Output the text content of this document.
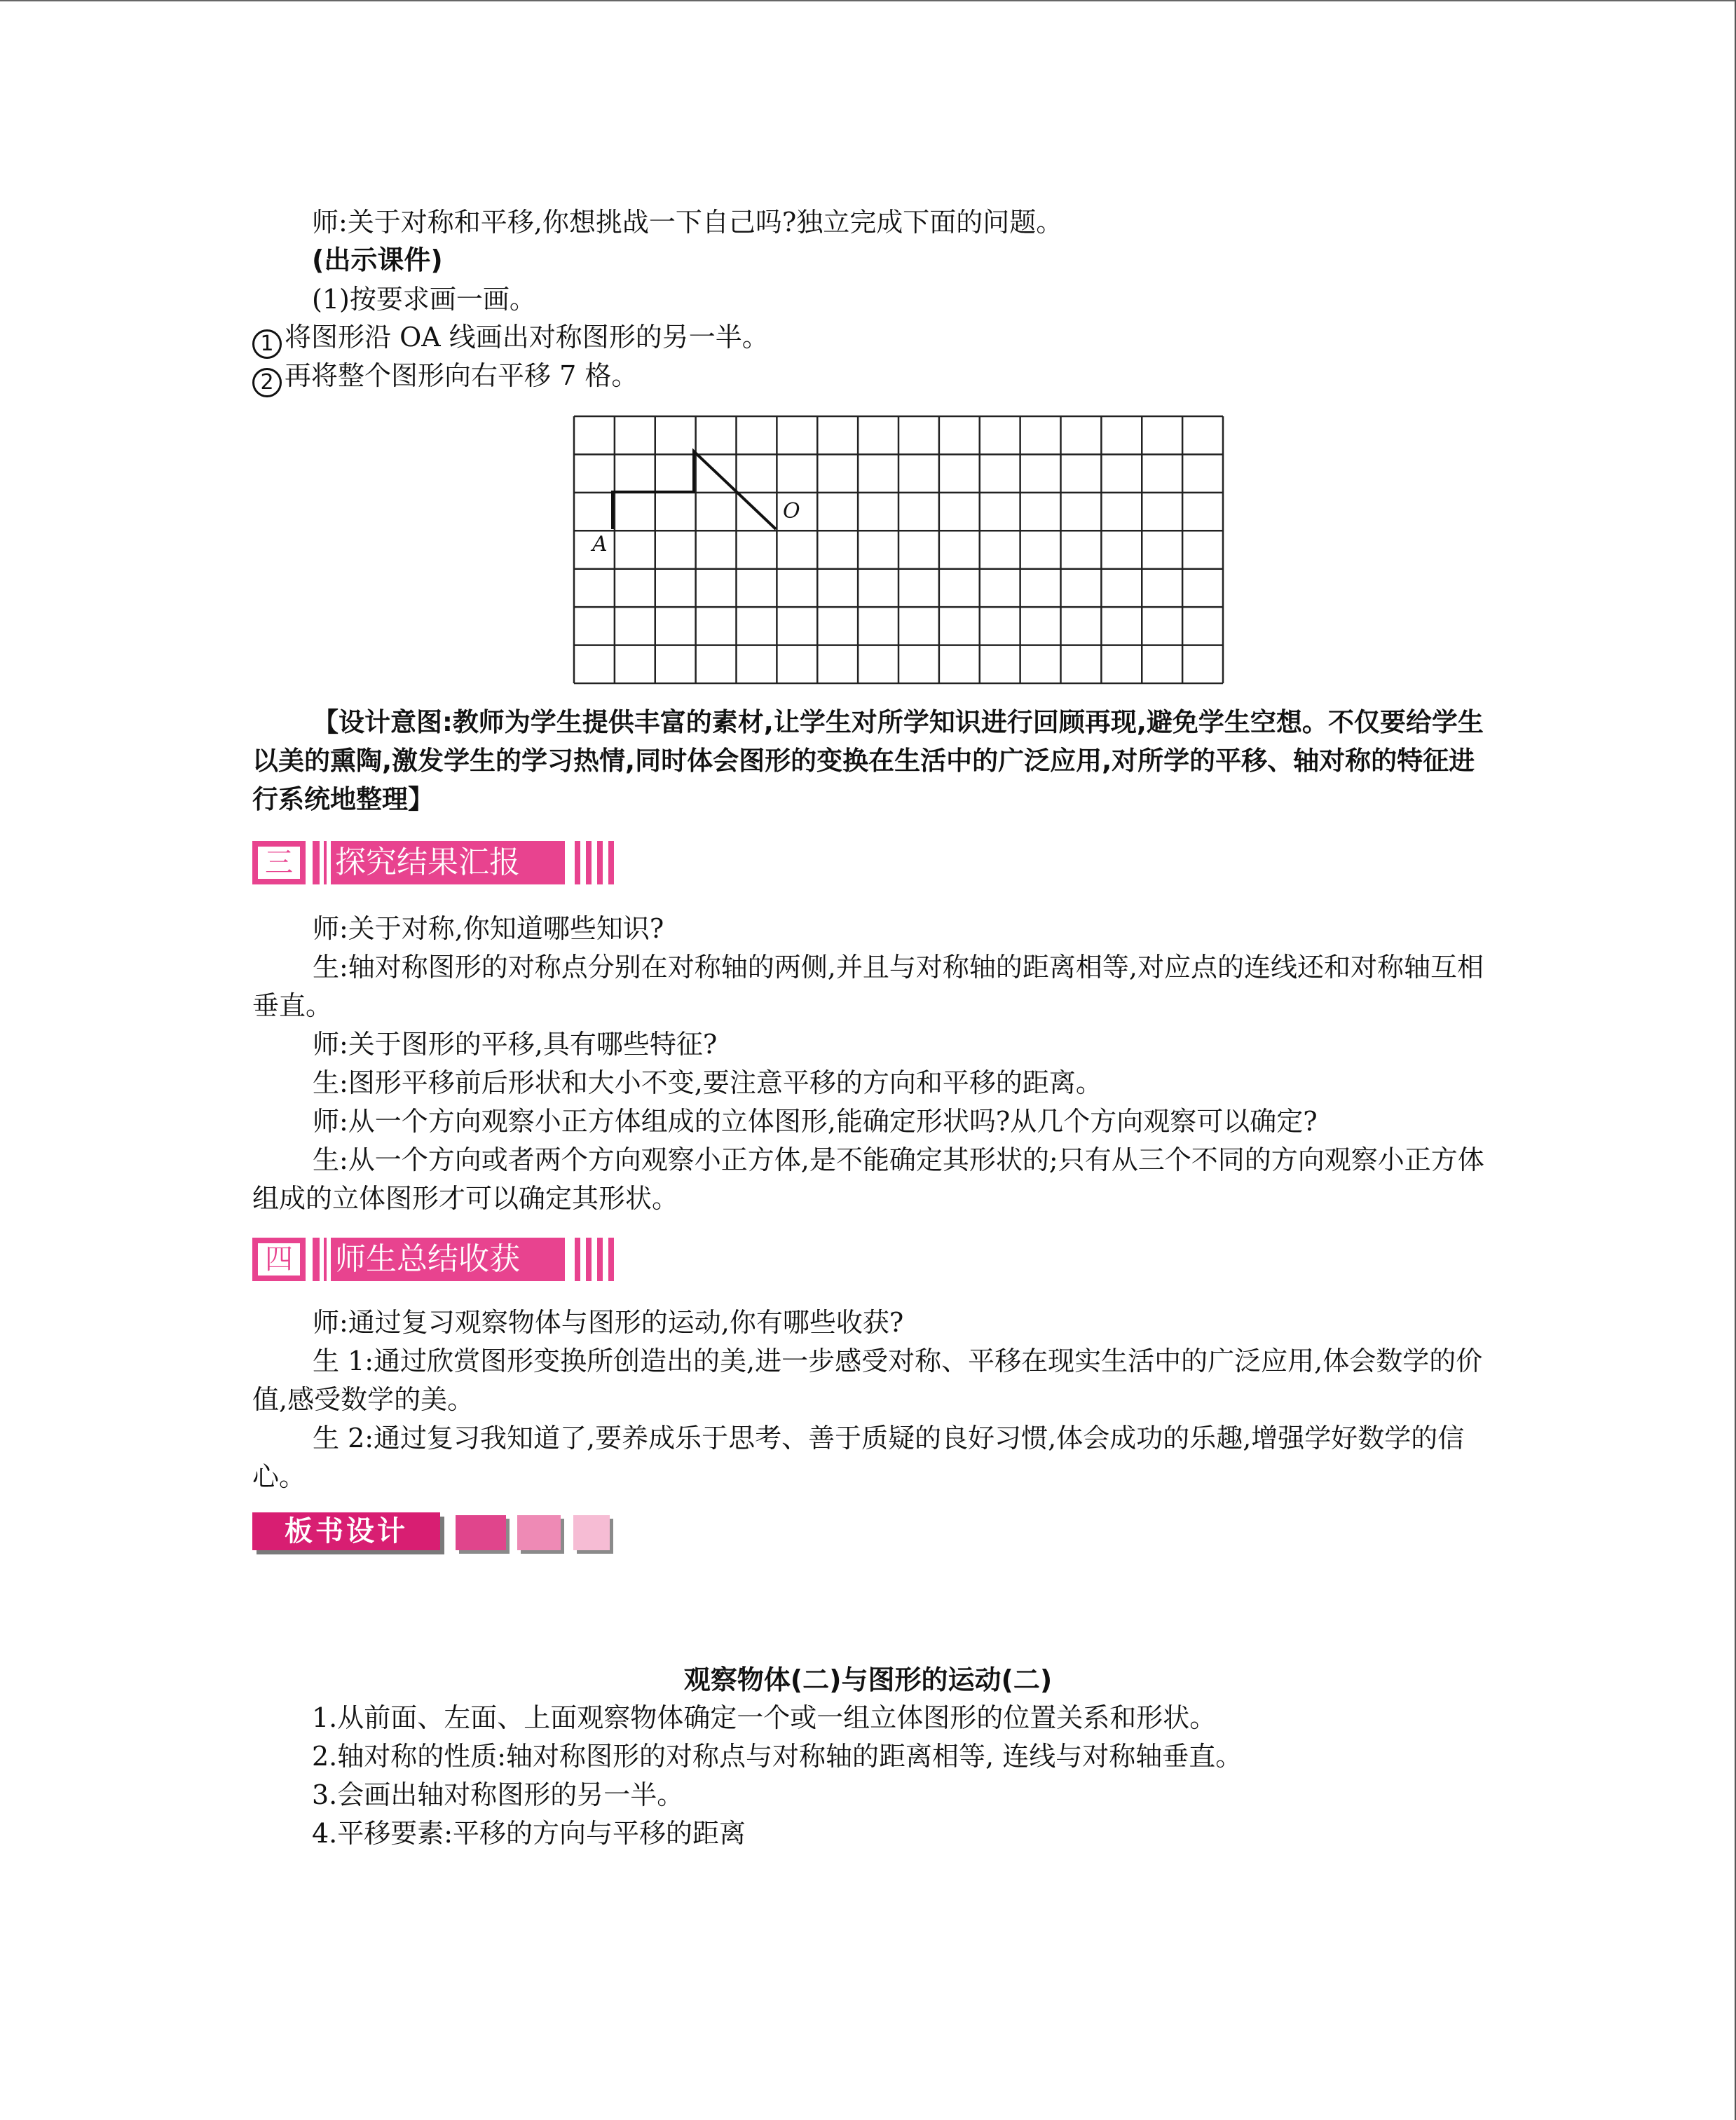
师:关于对称和平移,你想挑战一下自己吗?独立完成下面的问题。
(出示课件)
(1)按要求画一画。
1 将图形沿 OA 线画出对称图形的另一半。
2 再将整个图形向右平移 7 格。
O
A
【设计意图:教师为学生提供丰富的素材,让学生对所学知识进行回顾再现,避免学生空想。不仅要给学生以美的熏陶,激发学生的学习热情,同时体会图形的变换在生活中的广泛应用,对所学的平移、轴对称的特征进行系统地整理】
三 探究结果汇报
师:关于对称,你知道哪些知识?
生:轴对称图形的对称点分别在对称轴的两侧,并且与对称轴的距离相等,对应点的连线还和对称轴互相垂直。
师:关于图形的平移,具有哪些特征?
生:图形平移前后形状和大小不变,要注意平移的方向和平移的距离。
师:从一个方向观察小正方体组成的立体图形,能确定形状吗?从几个方向观察可以确定?
生:从一个方向或者两个方向观察小正方体,是不能确定其形状的;只有从三个不同的方向观察小正方体组成的立体图形才可以确定其形状。
四 师生总结收获
师:通过复习观察物体与图形的运动,你有哪些收获?
生 1:通过欣赏图形变换所创造出的美,进一步感受对称、平移在现实生活中的广泛应用,体会数学的价值,感受数学的美。
生 2:通过复习我知道了,要养成乐于思考、善于质疑的良好习惯,体会成功的乐趣,增强学好数学的信心。
板书设计
观察物体(二)与图形的运动(二)
1.从前面、左面、上面观察物体确定一个或一组立体图形的位置关系和形状。
2.轴对称的性质:轴对称图形的对称点与对称轴的距离相等, 连线与对称轴垂直。
3.会画出轴对称图形的另一半。
4.平移要素:平移的方向与平移的距离
